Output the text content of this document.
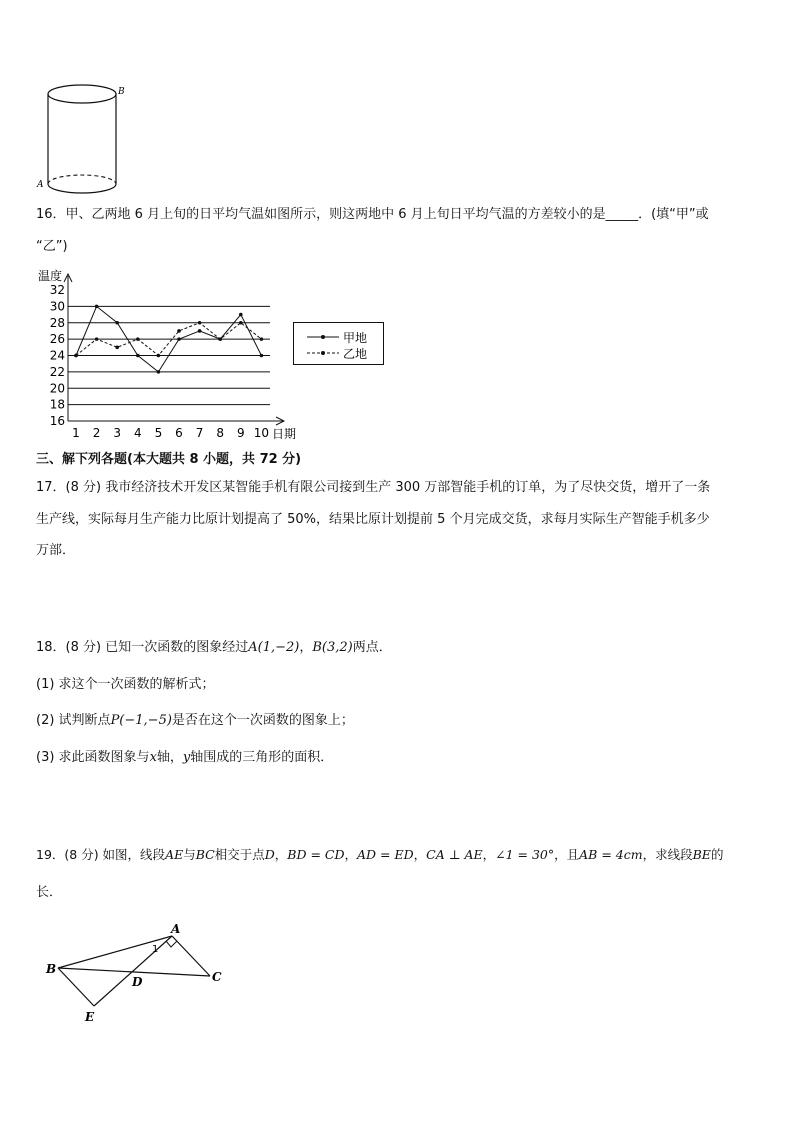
B
A
16．甲、乙两地 6 月上旬的日平均气温如图所示，则这两地中 6 月上旬日平均气温的方差较小的是_____．(填“甲”或
“乙”)
16
18
20
22
24
26
28
30
32
1 2 3 4 5 6 7 8 9 10
温度
日期
甲地
乙地
三、解下列各题(本大题共 8 小题，共 72 分)
17．(8 分) 我市经济技术开发区某智能手机有限公司接到生产 300 万部智能手机的订单，为了尽快交货，增开了一条
生产线，实际每月生产能力比原计划提高了 50%，结果比原计划提前 5 个月完成交货，求每月实际生产智能手机多少
万部．
18．(8 分) 已知一次函数的图象经过A(1,−2)，B(3,2)两点．
(1) 求这个一次函数的解析式；
(2) 试判断点P(−1,−5)是否在这个一次函数的图象上；
(3) 求此函数图象与x轴，y轴围成的三角形的面积．
19．(8 分) 如图，线段AE与BC相交于点D，BD = CD，AD = ED，CA ⊥ AE，∠1 = 30°，且AB = 4cm，求线段BE的
长．
A
B
C
D
E
1
